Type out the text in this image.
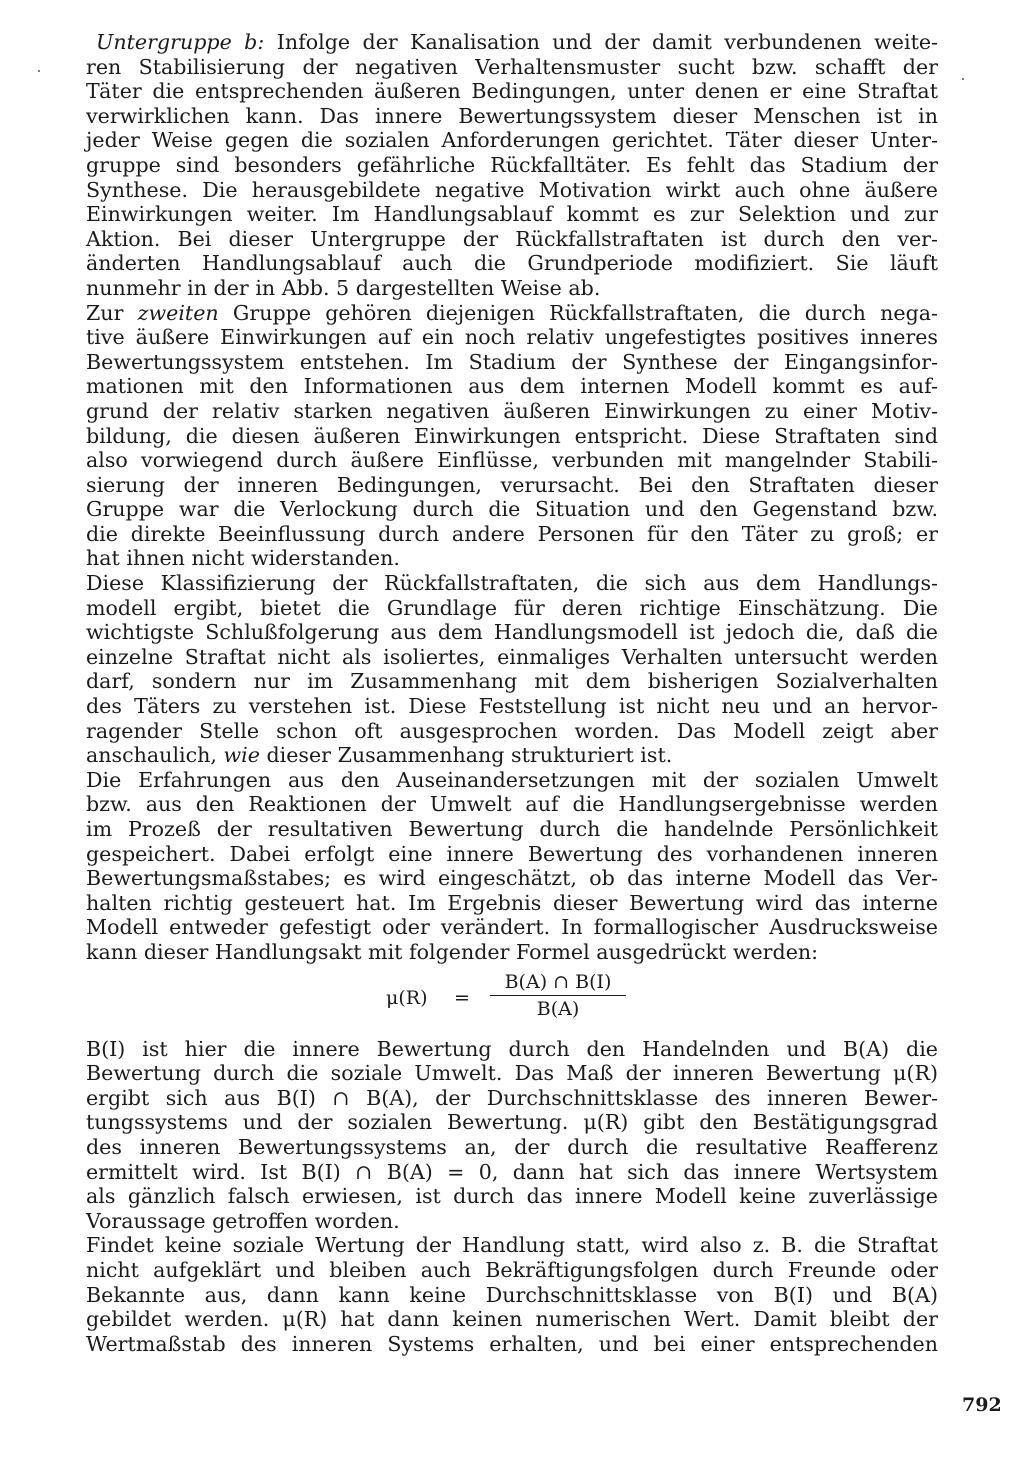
Untergruppe b: Infolge der Kanalisation und der damit verbundenen weite-
ren Stabilisierung der negativen Verhaltensmuster sucht bzw. schafft der
Täter die entsprechenden äußeren Bedingungen, unter denen er eine Straftat
verwirklichen kann. Das innere Bewertungssystem dieser Menschen ist in
jeder Weise gegen die sozialen Anforderungen gerichtet. Täter dieser Unter-
gruppe sind besonders gefährliche Rückfalltäter. Es fehlt das Stadium der
Synthese. Die herausgebildete negative Motivation wirkt auch ohne äußere
Einwirkungen weiter. Im Handlungsablauf kommt es zur Selektion und zur
Aktion. Bei dieser Untergruppe der Rückfallstraftaten ist durch den ver-
änderten Handlungsablauf auch die Grundperiode modifiziert. Sie läuft
nunmehr in der in Abb. 5 dargestellten Weise ab.

Zur zweiten Gruppe gehören diejenigen Rückfallstraftaten, die durch nega-
tive äußere Einwirkungen auf ein noch relativ ungefestigtes positives inneres
Bewertungssystem entstehen. Im Stadium der Synthese der Eingangsinfor-
mationen mit den Informationen aus dem internen Modell kommt es auf-
grund der relativ starken negativen äußeren Einwirkungen zu einer Motiv-
bildung, die diesen äußeren Einwirkungen entspricht. Diese Straftaten sind
also vorwiegend durch äußere Einflüsse, verbunden mit mangelnder Stabili-
sierung der inneren Bedingungen, verursacht. Bei den Straftaten dieser
Gruppe war die Verlockung durch die Situation und den Gegenstand bzw.
die direkte Beeinflussung durch andere Personen für den Täter zu groß; er
hat ihnen nicht widerstanden.

Diese Klassifizierung der Rückfallstraftaten, die sich aus dem Handlungs-
modell ergibt, bietet die Grundlage für deren richtige Einschätzung. Die
wichtigste Schlußfolgerung aus dem Handlungsmodell ist jedoch die, daß die
einzelne Straftat nicht als isoliertes, einmaliges Verhalten untersucht werden
darf, sondern nur im Zusammenhang mit dem bisherigen Sozialverhalten
des Täters zu verstehen ist. Diese Feststellung ist nicht neu und an hervor-
ragender Stelle schon oft ausgesprochen worden. Das Modell zeigt aber
anschaulich, wie dieser Zusammenhang strukturiert ist.

Die Erfahrungen aus den Auseinandersetzungen mit der sozialen Umwelt
bzw. aus den Reaktionen der Umwelt auf die Handlungsergebnisse werden
im Prozeß der resultativen Bewertung durch die handelnde Persönlichkeit
gespeichert. Dabei erfolgt eine innere Bewertung des vorhandenen inneren
Bewertungsmaßstabes; es wird eingeschätzt, ob das interne Modell das Ver-
halten richtig gesteuert hat. Im Ergebnis dieser Bewertung wird das interne
Modell entweder gefestigt oder verändert. In formallogischer Ausdrucksweise
kann dieser Handlungsakt mit folgender Formel ausgedrückt werden:

$\mu(R) = \frac{B(A) \cap B(I)}{B(A)}$

B(I) ist hier die innere Bewertung durch den Handelnden und B(A) die
Bewertung durch die soziale Umwelt. Das Maß der inneren Bewertung μ(R)
ergibt sich aus B(I) ∩ B(A), der Durchschnittsklasse des inneren Bewer-
tungssystems und der sozialen Bewertung. μ(R) gibt den Bestätigungsgrad
des inneren Bewertungssystems an, der durch die resultative Reafferenz
ermittelt wird. Ist B(I) ∩ B(A) = 0, dann hat sich das innere Wertsystem
als gänzlich falsch erwiesen, ist durch das innere Modell keine zuverlässige
Voraussage getroffen worden.

Findet keine soziale Wertung der Handlung statt, wird also z. B. die Straftat
nicht aufgeklärt und bleiben auch Bekräftigungsfolgen durch Freunde oder
Bekannte aus, dann kann keine Durchschnittsklasse von B(I) und B(A)
gebildet werden. μ(R) hat dann keinen numerischen Wert. Damit bleibt der
Wertmaßstab des inneren Systems erhalten, und bei einer entsprechenden

792
